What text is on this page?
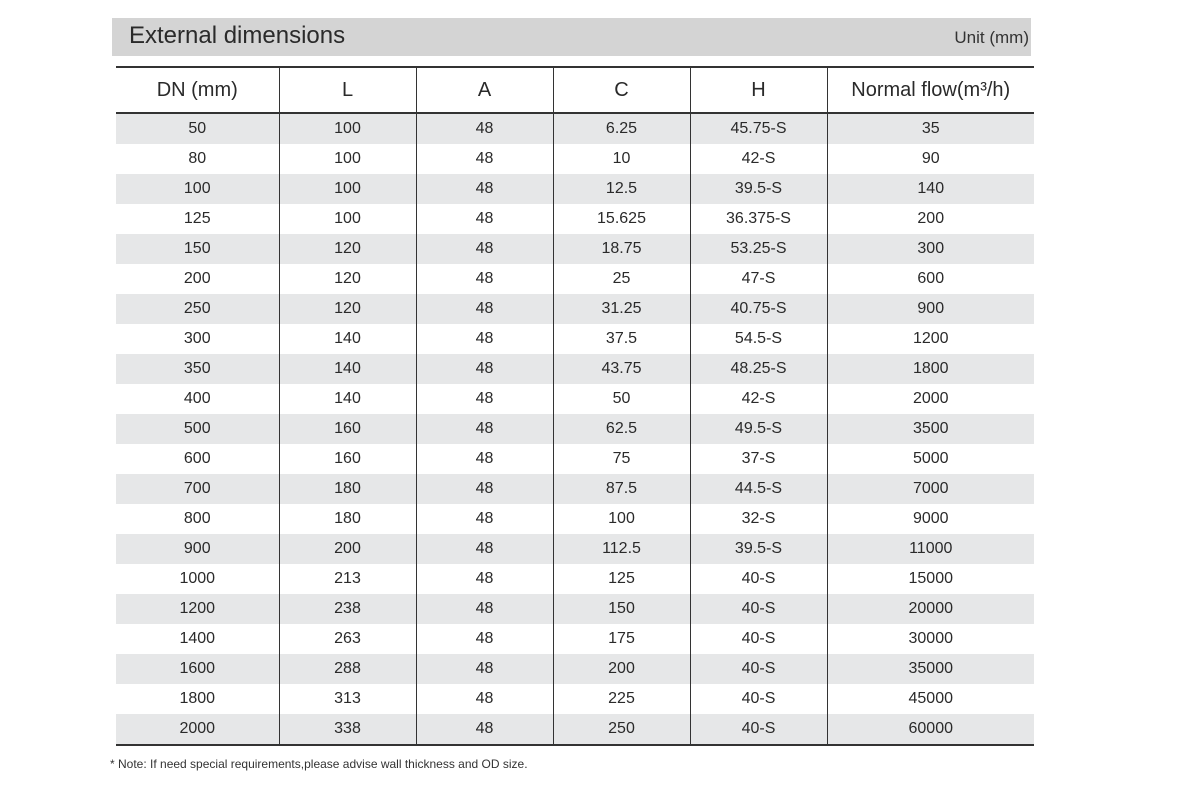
External dimensions	Unit (mm)
DN (mm)	L	A	C	H	Normal flow(m³/h)
50	100	48	6.25	45.75-S	35
80	100	48	10	42-S	90
100	100	48	12.5	39.5-S	140
125	100	48	15.625	36.375-S	200
150	120	48	18.75	53.25-S	300
200	120	48	25	47-S	600
250	120	48	31.25	40.75-S	900
300	140	48	37.5	54.5-S	1200
350	140	48	43.75	48.25-S	1800
400	140	48	50	42-S	2000
500	160	48	62.5	49.5-S	3500
600	160	48	75	37-S	5000
700	180	48	87.5	44.5-S	7000
800	180	48	100	32-S	9000
900	200	48	112.5	39.5-S	11000
1000	213	48	125	40-S	15000
1200	238	48	150	40-S	20000
1400	263	48	175	40-S	30000
1600	288	48	200	40-S	35000
1800	313	48	225	40-S	45000
2000	338	48	250	40-S	60000
* Note: If need special requirements,please advise wall thickness and OD size.
